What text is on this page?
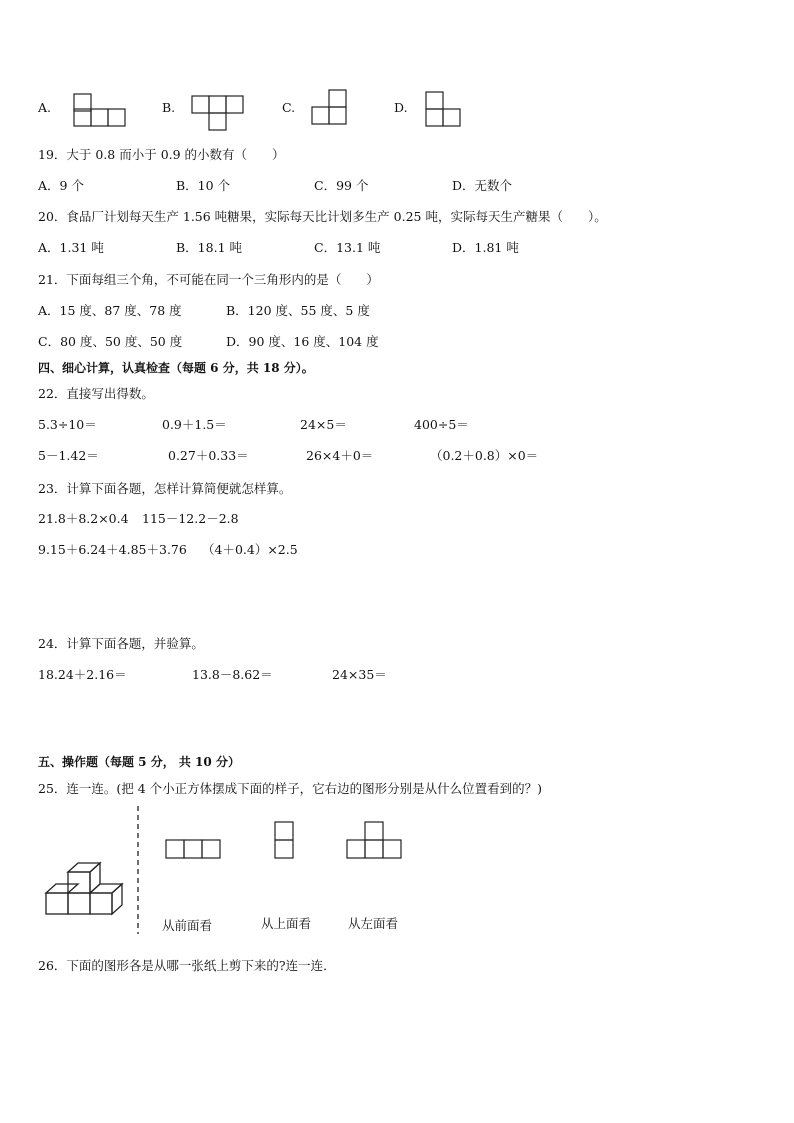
A.	B.	C.	D.
19．大于 0.8 而小于 0.9 的小数有（　　）
A．9 个	B．10 个	C．99 个	D．无数个
20．食品厂计划每天生产 1.56 吨糖果，实际每天比计划多生产 0.25 吨，实际每天生产糖果（　　）。
A．1.31 吨	B．18.1 吨	C．13.1 吨	D．1.81 吨
21．下面每组三个角，不可能在同一个三角形内的是（　　）
A．15 度、87 度、78 度	B．120 度、55 度、5 度
C．80 度、50 度、50 度	D．90 度、16 度、104 度
四、细心计算，认真检查（每题 6 分，共 18 分）。
22．直接写出得数。
5.3÷10＝	0.9＋1.5＝	24×5＝	400÷5＝
5－1.42＝	0.27＋0.33＝	26×4＋0＝	（0.2＋0.8）×0＝
23．计算下面各题，怎样计算简便就怎样算。
21.8＋8.2×0.4 115－12.2－2.8
9.15＋6.24＋4.85＋3.76 （4＋0.4）×2.5
24．计算下面各题，并验算。
18.24＋2.16＝	13.8－8.62＝	24×35＝
五、操作题（每题 5 分， 共 10 分）
25．连一连。(把 4 个小正方体摆成下面的样子，它右边的图形分别是从什么位置看到的？)
从前面看	从上面看	从左面看
26．下面的图形各是从哪一张纸上剪下来的?连一连．
